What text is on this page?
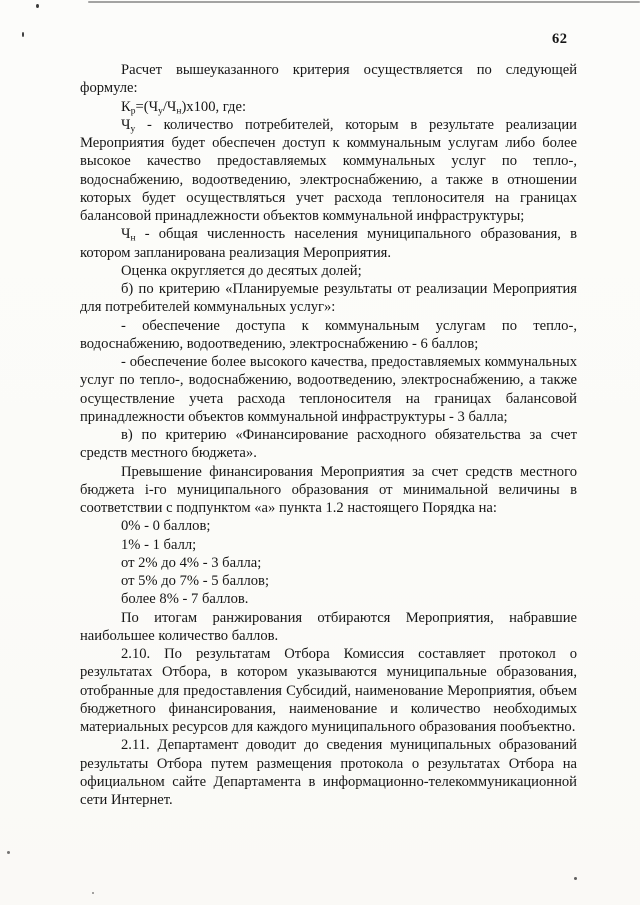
62

Расчет вышеуказанного критерия осуществляется по следующей формуле:

$К_р=(Ч_у/Ч_н)х100$, где:

$Ч_у$ - количество потребителей, которым в результате реализации Мероприятия будет обеспечен доступ к коммунальным услугам либо более высокое качество предоставляемых коммунальных услуг по тепло-, водоснабжению, водоотведению, электроснабжению, а также в отношении которых будет осуществляться учет расхода теплоносителя на границах балансовой принадлежности объектов коммунальной инфраструктуры;

$Ч_н$ - общая численность населения муниципального образования, в котором запланирована реализация Мероприятия.

Оценка округляется до десятых долей;

б) по критерию «Планируемые результаты от реализации Мероприятия для потребителей коммунальных услуг»:

- обеспечение доступа к коммунальным услугам по тепло-, водоснабжению, водоотведению, электроснабжению - 6 баллов;

- обеспечение более высокого качества, предоставляемых коммунальных услуг по тепло-, водоснабжению, водоотведению, электроснабжению, а также осуществление учета расхода теплоносителя на границах балансовой принадлежности объектов коммунальной инфраструктуры - 3 балла;

в) по критерию «Финансирование расходного обязательства за счет средств местного бюджета».

Превышение финансирования Мероприятия за счет средств местного бюджета i-го муниципального образования от минимальной величины в соответствии с подпунктом «а» пункта 1.2 настоящего Порядка на:

0% - 0 баллов;

1% - 1 балл;

от 2% до 4% - 3 балла;

от 5% до 7% - 5 баллов;

более 8% - 7 баллов.

По итогам ранжирования отбираются Мероприятия, набравшие наибольшее количество баллов.

2.10. По результатам Отбора Комиссия составляет протокол о результатах Отбора, в котором указываются муниципальные образования, отобранные для предоставления Субсидий, наименование Мероприятия, объем бюджетного финансирования, наименование и количество необходимых материальных ресурсов для каждого муниципального образования пообъектно.

2.11. Департамент доводит до сведения муниципальных образований результаты Отбора путем размещения протокола о результатах Отбора на официальном сайте Департамента в информационно-телекоммуникационной сети Интернет.
